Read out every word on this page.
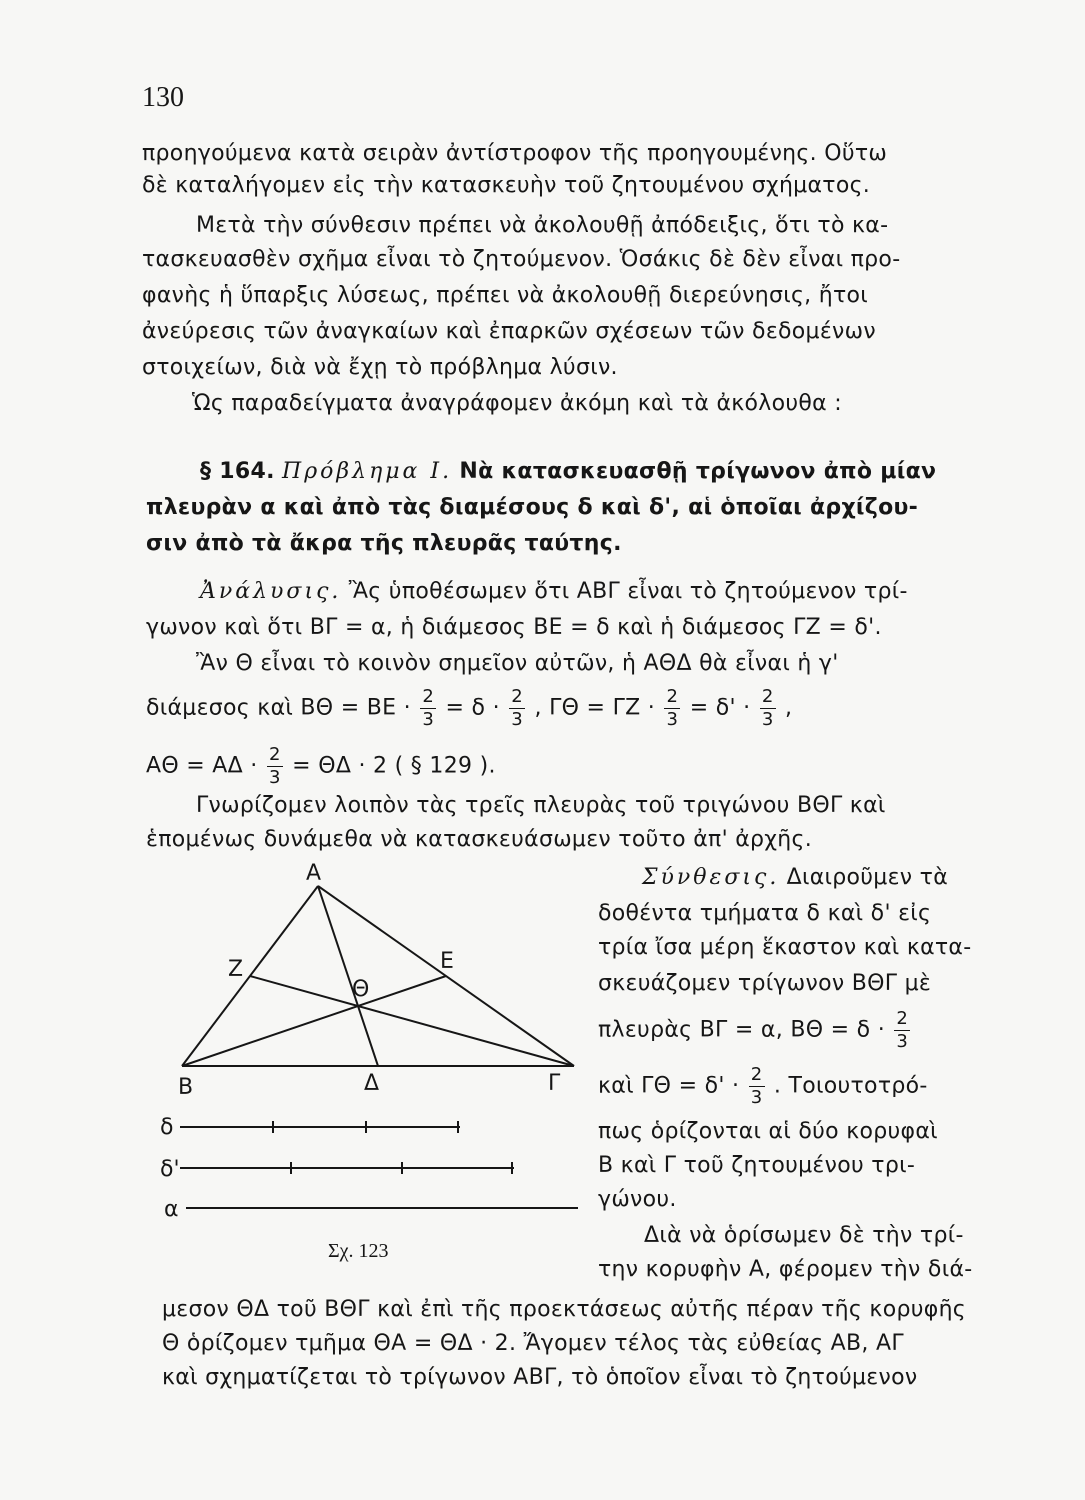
130
προηγούμενα κατὰ σειρὰν ἀντίστροφον τῆς προηγουμένης. Οὕτω
δὲ καταλήγομεν εἰς τὴν κατασκευὴν τοῦ ζητουμένου σχήματος.
Μετὰ τὴν σύνθεσιν πρέπει νὰ ἀκολουθῇ ἀπόδειξις, ὅτι τὸ κα-
τασκευασθὲν σχῆμα εἶναι τὸ ζητούμενον. Ὁσάκις δὲ δὲν εἶναι προ-
φανὴς ἡ ὕπαρξις λύσεως, πρέπει νὰ ἀκολουθῇ διερεύνησις, ἤτοι
ἀνεύρεσις τῶν ἀναγκαίων καὶ ἐπαρκῶν σχέσεων τῶν δεδομένων
στοιχείων, διὰ νὰ ἔχῃ τὸ πρόβλημα λύσιν.
Ὡς παραδείγματα ἀναγράφομεν ἀκόμη καὶ τὰ ἀκόλουθα :
§ 164. Πρόβλημα Ι. Νὰ κατασκευασθῇ τρίγωνον ἀπὸ μίαν
πλευρὰν α καὶ ἀπὸ τὰς διαμέσους δ καὶ δ', αἱ ὁποῖαι ἀρχίζου-
σιν ἀπὸ τὰ ἄκρα τῆς πλευρᾶς ταύτης.
Ἀνάλυσις. Ἂς ὑποθέσωμεν ὅτι ΑΒΓ εἶναι τὸ ζητούμενον τρί-
γωνον καὶ ὅτι ΒΓ = α, ἡ διάμεσος ΒΕ = δ καὶ ἡ διάμεσος ΓΖ = δ'.
Ἂν Θ εἶναι τὸ κοινὸν σημεῖον αὐτῶν, ἡ ΑΘΔ θὰ εἶναι ἡ γ'
διάμεσος καὶ $B\Theta = BE \cdot \frac{2}{3} = \delta \cdot \frac{2}{3}$ , $\Gamma\Theta = \Gamma Z \cdot \frac{2}{3} = \delta' \cdot \frac{2}{3}$ ,
$A\Theta = A\Delta \cdot \frac{2}{3} = \Theta\Delta \cdot 2$ ( § 129 ).
Γνωρίζομεν λοιπὸν τὰς τρεῖς πλευρὰς τοῦ τριγώνου ΒΘΓ καὶ
ἑπομένως δυνάμεθα νὰ κατασκευάσωμεν τοῦτο ἀπ' ἀρχῆς.
Α
Β	Γ
Δ
Ε
Ζ
Θ
δ
δ'
α
Σχ. 123
Σύνθεσις. Διαιροῦμεν τὰ
δοθέντα τμήματα δ καὶ δ' εἰς
τρία ἴσα μέρη ἕκαστον καὶ κατα-
σκευάζομεν τρίγωνον ΒΘΓ μὲ
πλευρὰς ΒΓ = α, $B\Theta = \delta \cdot \frac{2}{3}$
καὶ $\Gamma\Theta = \delta' \cdot \frac{2}{3}$ . Τοιουτοτρό-
πως ὁρίζονται αἱ δύο κορυφαὶ
Β καὶ Γ τοῦ ζητουμένου τρι-
γώνου.
Διὰ νὰ ὁρίσωμεν δὲ τὴν τρί-
την κορυφὴν Α, φέρομεν τὴν διά-
μεσον ΘΔ τοῦ ΒΘΓ καὶ ἐπὶ τῆς προεκτάσεως αὐτῆς πέραν τῆς κορυφῆς
Θ ὁρίζομεν τμῆμα ΘΑ = ΘΔ · 2. Ἄγομεν τέλος τὰς εὐθείας ΑΒ, ΑΓ
καὶ σχηματίζεται τὸ τρίγωνον ΑΒΓ, τὸ ὁποῖον εἶναι τὸ ζητούμενον
